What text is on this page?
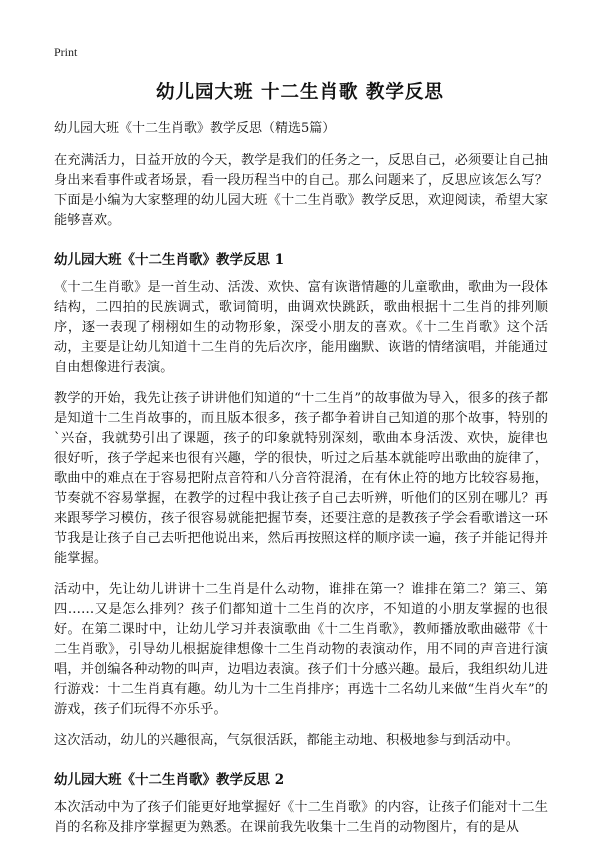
Print
幼儿园大班 十二生肖歌 教学反思

幼儿园大班《十二生肖歌》教学反思（精选5篇）

在充满活力，日益开放的今天，教学是我们的任务之一，反思自己，必须要让自己抽身出来看事件或者场景，看一段历程当中的自己。那么问题来了，反思应该怎么写？下面是小编为大家整理的幼儿园大班《十二生肖歌》教学反思，欢迎阅读，希望大家能够喜欢。

幼儿园大班《十二生肖歌》教学反思 1

《十二生肖歌》是一首生动、活泼、欢快、富有诙谐情趣的儿童歌曲，歌曲为一段体结构，二四拍的民族调式，歌词简明，曲调欢快跳跃，歌曲根据十二生肖的排列顺序，逐一表现了栩栩如生的动物形象，深受小朋友的喜欢。《十二生肖歌》这个活动，主要是让幼儿知道十二生肖的先后次序，能用幽默、诙谐的情绪演唱，并能通过自由想像进行表演。

教学的开始，我先让孩子讲讲他们知道的“十二生肖”的故事做为导入，很多的孩子都是知道十二生肖故事的，而且版本很多，孩子都争着讲自己知道的那个故事，特别的`兴奋，我就势引出了课题，孩子的印象就特别深刻，歌曲本身活泼、欢快，旋律也很好听，孩子学起来也很有兴趣，学的很快，听过之后基本就能哼出歌曲的旋律了，歌曲中的难点在于容易把附点音符和八分音符混淆，在有休止符的地方比较容易拖，节奏就不容易掌握，在教学的过程中我让孩子自己去听辨，听他们的区别在哪儿？再来跟琴学习模仿，孩子很容易就能把握节奏，还要注意的是教孩子学会看歌谱这一环节我是让孩子自己去听把他说出来，然后再按照这样的顺序读一遍，孩子并能记得并能掌握。

活动中，先让幼儿讲讲十二生肖是什么动物，谁排在第一？谁排在第二？第三、第四……又是怎么排列？孩子们都知道十二生肖的次序，不知道的小朋友掌握的也很好。在第二课时中，让幼儿学习并表演歌曲《十二生肖歌》，教师播放歌曲磁带《十二生肖歌》，引导幼儿根据旋律想像十二生肖动物的表演动作，用不同的声音进行演唱，并创编各种动物的叫声，边唱边表演。孩子们十分感兴趣。最后，我组织幼儿进行游戏：十二生肖真有趣。幼儿为十二生肖排序；再选十二名幼儿来做“生肖火车”的游戏，孩子们玩得不亦乐乎。

这次活动，幼儿的兴趣很高，气氛很活跃，都能主动地、积极地参与到活动中。

幼儿园大班《十二生肖歌》教学反思 2

本次活动中为了孩子们能更好地掌握好《十二生肖歌》的内容，让孩子们能对十二生肖的名称及排序掌握更为熟悉。在课前我先收集十二生肖的动物图片，有的是从
